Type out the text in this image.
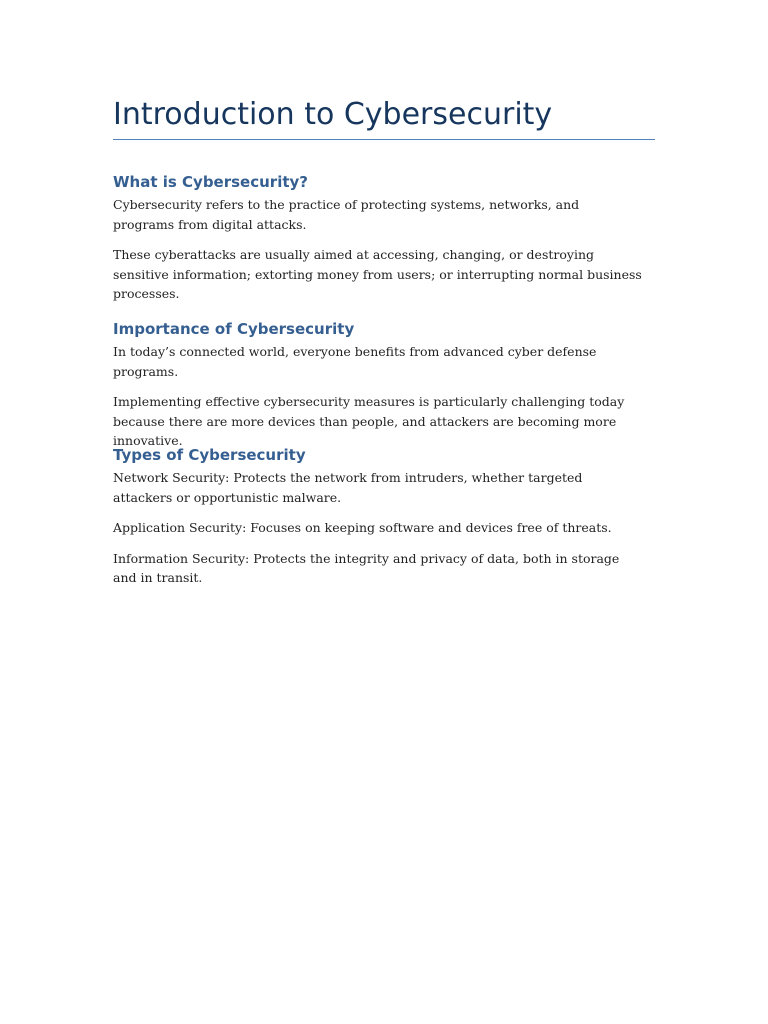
Introduction to Cybersecurity
What is Cybersecurity?

Cybersecurity refers to the practice of protecting systems, networks, and programs from digital attacks.

These cyberattacks are usually aimed at accessing, changing, or destroying sensitive information; extorting money from users; or interrupting normal business processes.

Importance of Cybersecurity

In today’s connected world, everyone benefits from advanced cyber defense programs.

Implementing effective cybersecurity measures is particularly challenging today because there are more devices than people, and attackers are becoming more innovative.

Types of Cybersecurity

Network Security: Protects the network from intruders, whether targeted attackers or opportunistic malware.

Application Security: Focuses on keeping software and devices free of threats.

Information Security: Protects the integrity and privacy of data, both in storage and in transit.
